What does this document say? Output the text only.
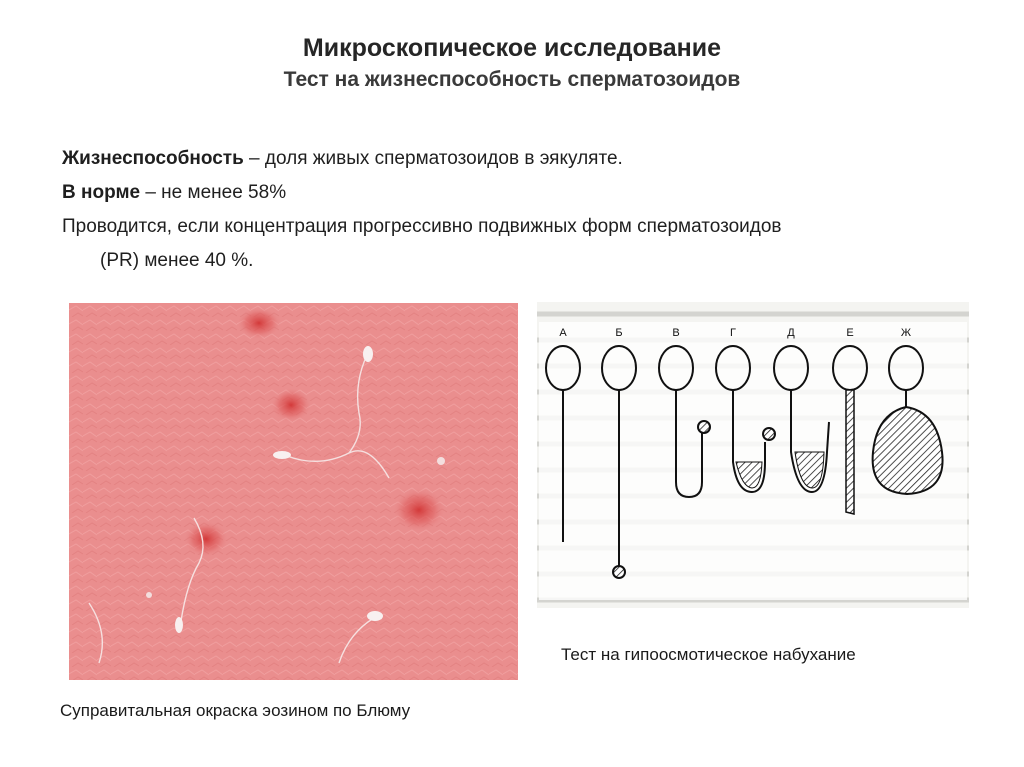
Микроскопическое исследование
Тест на жизнеспособность сперматозоидов

Жизнеспособность – доля живых сперматозоидов в эякуляте.

В норме – не менее 58%

Проводится, если концентрация прогрессивно подвижных форм сперматозоидов

(PR) менее 40 %.

А	Б	В	Г	Д	Е	Ж
Тест на гипоосмотическое набухание
Суправитальная окраска эозином по Блюму
